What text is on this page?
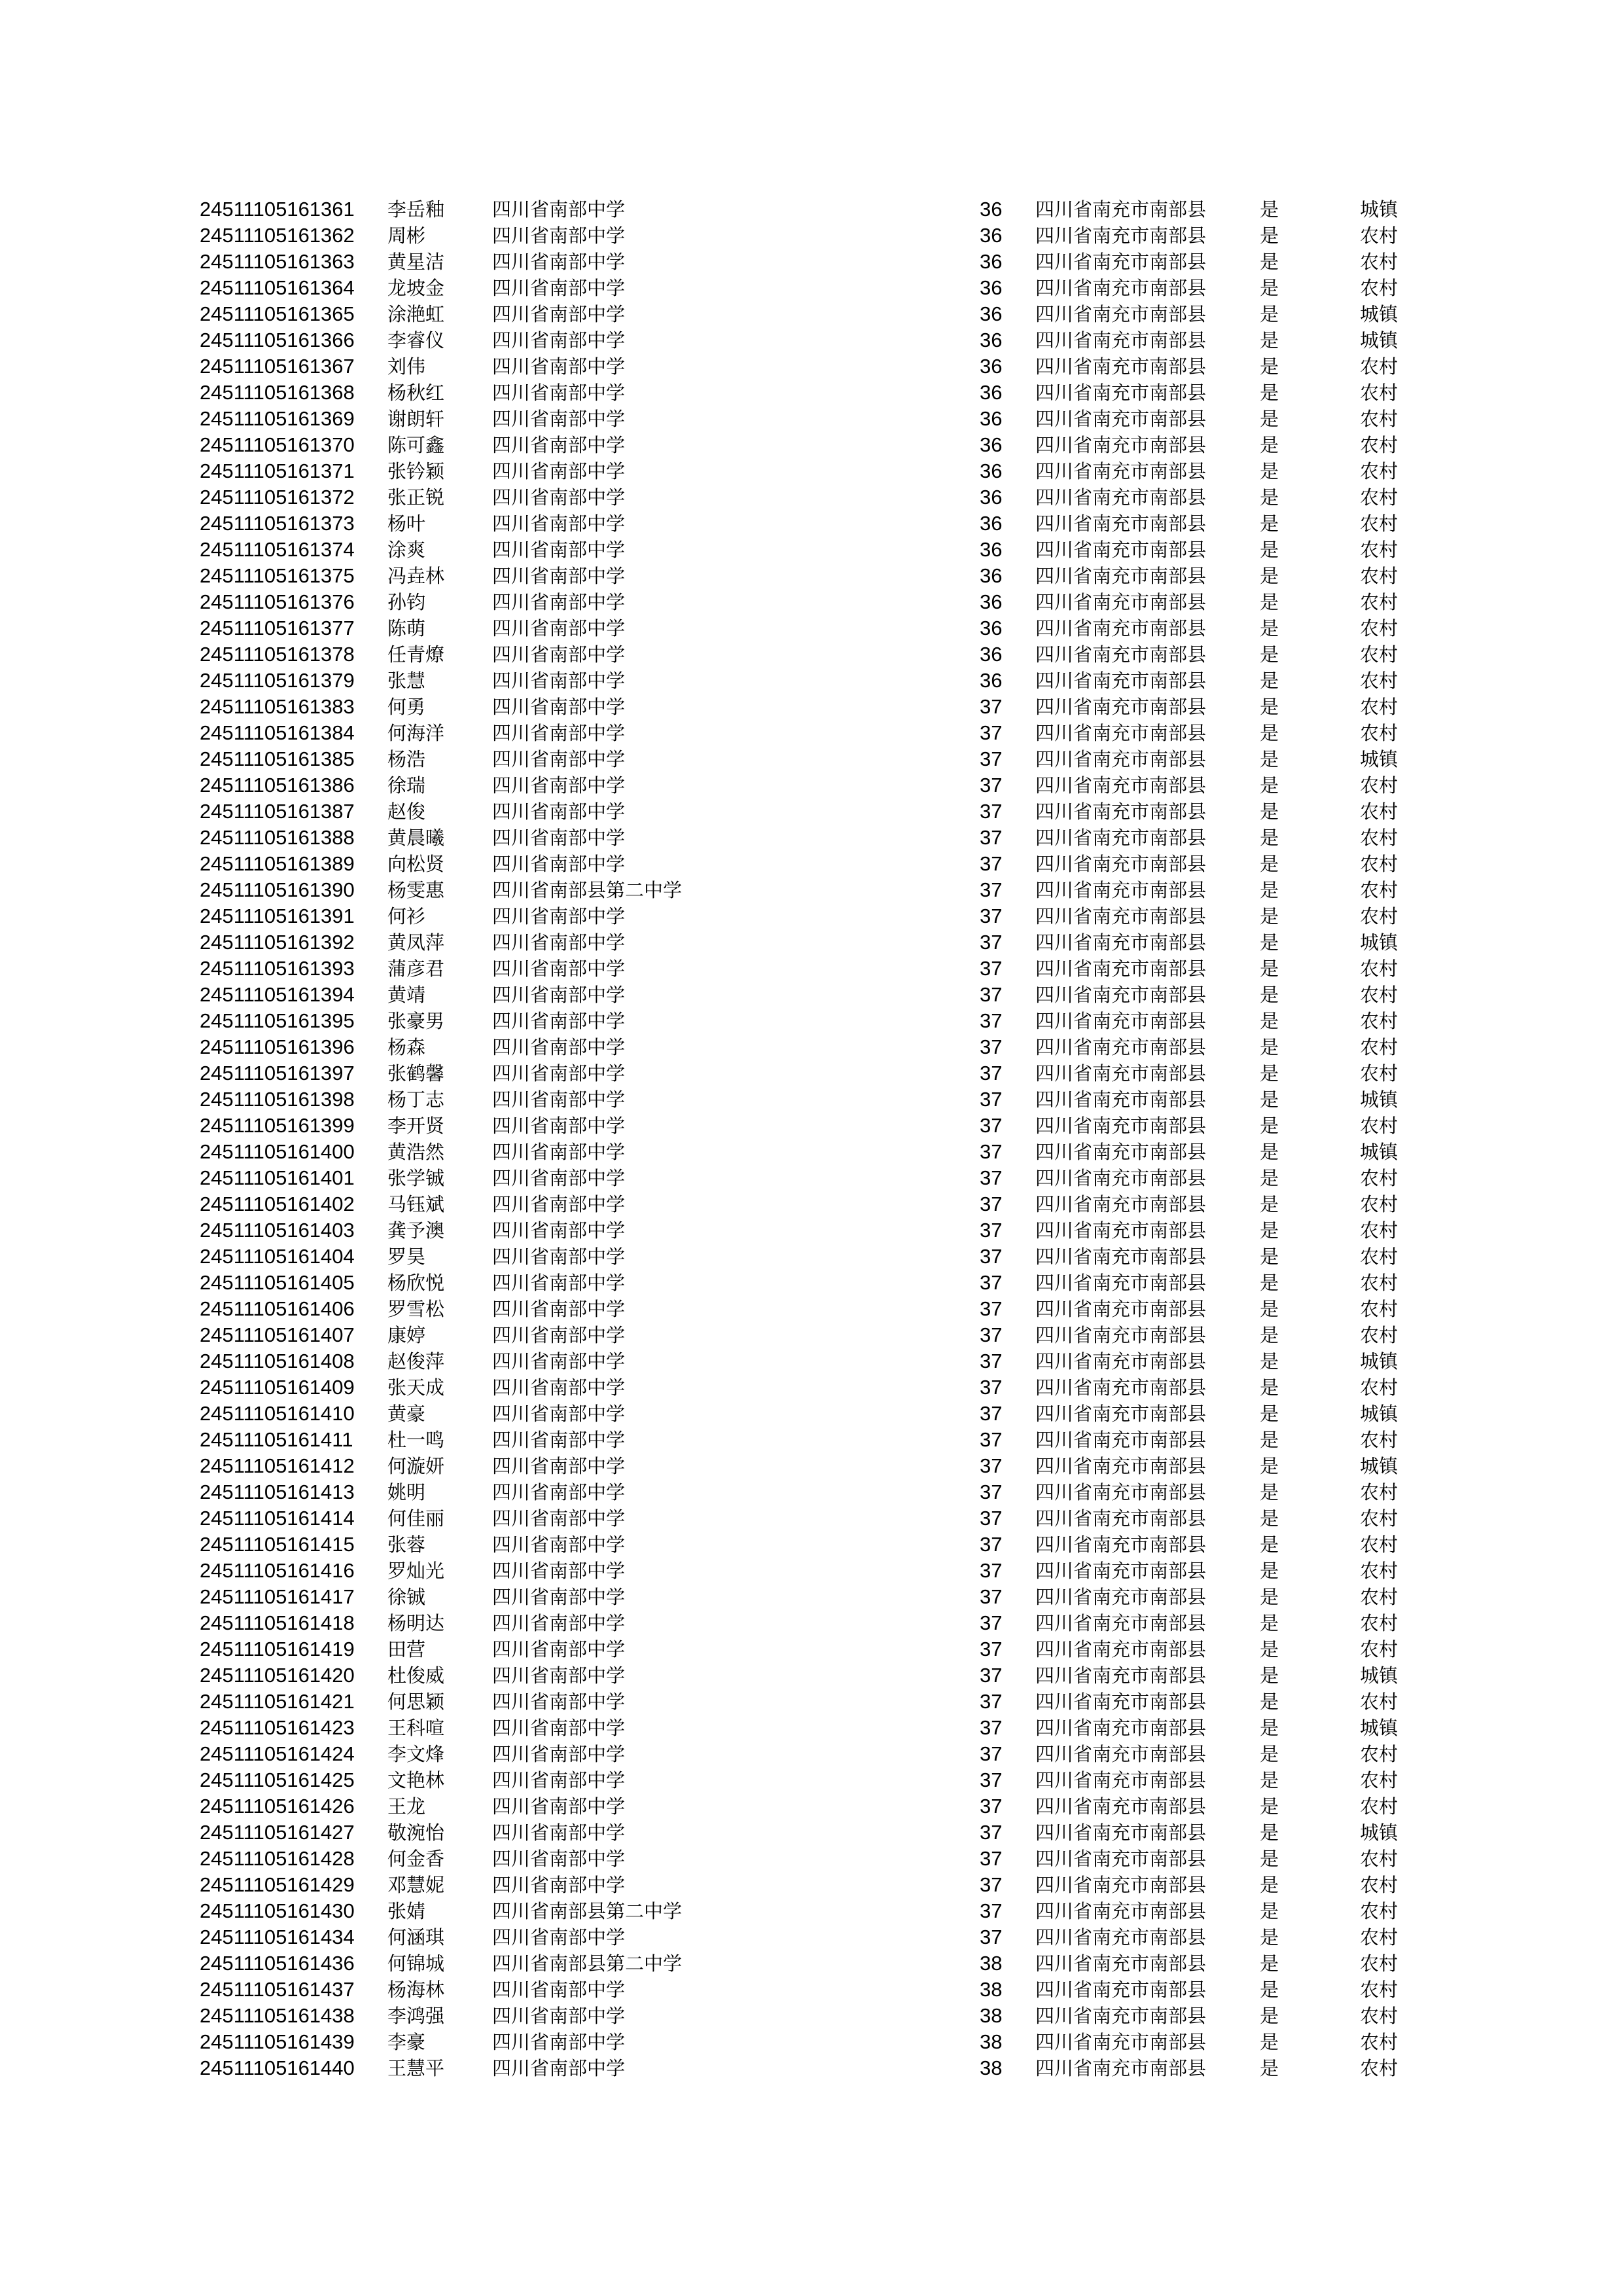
24511105161361 李岳釉	四川省南部中学	36 四川省南充市南部县	是	城镇
24511105161362 周彬	四川省南部中学	36 四川省南充市南部县	是	农村
24511105161363 黄星洁	四川省南部中学	36 四川省南充市南部县	是	农村
24511105161364 龙坡金	四川省南部中学	36 四川省南充市南部县	是	农村
24511105161365 涂滟虹	四川省南部中学	36 四川省南充市南部县	是	城镇
24511105161366 李睿仪	四川省南部中学	36 四川省南充市南部县	是	城镇
24511105161367 刘伟	四川省南部中学	36 四川省南充市南部县	是	农村
24511105161368 杨秋红	四川省南部中学	36 四川省南充市南部县	是	农村
24511105161369 谢朗轩	四川省南部中学	36 四川省南充市南部县	是	农村
24511105161370 陈可鑫	四川省南部中学	36 四川省南充市南部县	是	农村
24511105161371 张钤颖	四川省南部中学	36 四川省南充市南部县	是	农村
24511105161372 张正锐	四川省南部中学	36 四川省南充市南部县	是	农村
24511105161373 杨叶	四川省南部中学	36 四川省南充市南部县	是	农村
24511105161374 涂爽	四川省南部中学	36 四川省南充市南部县	是	农村
24511105161375 冯垚林	四川省南部中学	36 四川省南充市南部县	是	农村
24511105161376 孙钧	四川省南部中学	36 四川省南充市南部县	是	农村
24511105161377 陈萌	四川省南部中学	36 四川省南充市南部县	是	农村
24511105161378 任青燎	四川省南部中学	36 四川省南充市南部县	是	农村
24511105161379 张慧	四川省南部中学	36 四川省南充市南部县	是	农村
24511105161383 何勇	四川省南部中学	37 四川省南充市南部县	是	农村
24511105161384 何海洋	四川省南部中学	37 四川省南充市南部县	是	农村
24511105161385 杨浩	四川省南部中学	37 四川省南充市南部县	是	城镇
24511105161386 徐瑞	四川省南部中学	37 四川省南充市南部县	是	农村
24511105161387 赵俊	四川省南部中学	37 四川省南充市南部县	是	农村
24511105161388 黄晨曦	四川省南部中学	37 四川省南充市南部县	是	农村
24511105161389 向松贤	四川省南部中学	37 四川省南充市南部县	是	农村
24511105161390 杨雯惠	四川省南部县第二中学	37 四川省南充市南部县	是	农村
24511105161391 何衫	四川省南部中学	37 四川省南充市南部县	是	农村
24511105161392 黄凤萍	四川省南部中学	37 四川省南充市南部县	是	城镇
24511105161393 蒲彦君	四川省南部中学	37 四川省南充市南部县	是	农村
24511105161394 黄靖	四川省南部中学	37 四川省南充市南部县	是	农村
24511105161395 张豪男	四川省南部中学	37 四川省南充市南部县	是	农村
24511105161396 杨森	四川省南部中学	37 四川省南充市南部县	是	农村
24511105161397 张鹤馨	四川省南部中学	37 四川省南充市南部县	是	农村
24511105161398 杨丁志	四川省南部中学	37 四川省南充市南部县	是	城镇
24511105161399 李开贤	四川省南部中学	37 四川省南充市南部县	是	农村
24511105161400 黄浩然	四川省南部中学	37 四川省南充市南部县	是	城镇
24511105161401 张学铖	四川省南部中学	37 四川省南充市南部县	是	农村
24511105161402 马钰斌	四川省南部中学	37 四川省南充市南部县	是	农村
24511105161403 龚予澳	四川省南部中学	37 四川省南充市南部县	是	农村
24511105161404 罗昊	四川省南部中学	37 四川省南充市南部县	是	农村
24511105161405 杨欣悦	四川省南部中学	37 四川省南充市南部县	是	农村
24511105161406 罗雪松	四川省南部中学	37 四川省南充市南部县	是	农村
24511105161407 康婷	四川省南部中学	37 四川省南充市南部县	是	农村
24511105161408 赵俊萍	四川省南部中学	37 四川省南充市南部县	是	城镇
24511105161409 张天成	四川省南部中学	37 四川省南充市南部县	是	农村
24511105161410 黄豪	四川省南部中学	37 四川省南充市南部县	是	城镇
24511105161411 杜一鸣	四川省南部中学	37 四川省南充市南部县	是	农村
24511105161412 何漩妍	四川省南部中学	37 四川省南充市南部县	是	城镇
24511105161413 姚明	四川省南部中学	37 四川省南充市南部县	是	农村
24511105161414 何佳丽	四川省南部中学	37 四川省南充市南部县	是	农村
24511105161415 张蓉	四川省南部中学	37 四川省南充市南部县	是	农村
24511105161416 罗灿光	四川省南部中学	37 四川省南充市南部县	是	农村
24511105161417 徐铖	四川省南部中学	37 四川省南充市南部县	是	农村
24511105161418 杨明达	四川省南部中学	37 四川省南充市南部县	是	农村
24511105161419 田营	四川省南部中学	37 四川省南充市南部县	是	农村
24511105161420 杜俊威	四川省南部中学	37 四川省南充市南部县	是	城镇
24511105161421 何思颖	四川省南部中学	37 四川省南充市南部县	是	农村
24511105161423 王科喧	四川省南部中学	37 四川省南充市南部县	是	城镇
24511105161424 李文烽	四川省南部中学	37 四川省南充市南部县	是	农村
24511105161425 文艳林	四川省南部中学	37 四川省南充市南部县	是	农村
24511105161426 王龙	四川省南部中学	37 四川省南充市南部县	是	农村
24511105161427 敬涴怡	四川省南部中学	37 四川省南充市南部县	是	城镇
24511105161428 何金香	四川省南部中学	37 四川省南充市南部县	是	农村
24511105161429 邓慧妮	四川省南部中学	37 四川省南充市南部县	是	农村
24511105161430 张婧	四川省南部县第二中学	37 四川省南充市南部县	是	农村
24511105161434 何涵琪	四川省南部中学	37 四川省南充市南部县	是	农村
24511105161436 何锦城	四川省南部县第二中学	38 四川省南充市南部县	是	农村
24511105161437 杨海林	四川省南部中学	38 四川省南充市南部县	是	农村
24511105161438 李鸿强	四川省南部中学	38 四川省南充市南部县	是	农村
24511105161439 李豪	四川省南部中学	38 四川省南充市南部县	是	农村
24511105161440 王慧平	四川省南部中学	38 四川省南充市南部县	是	农村
